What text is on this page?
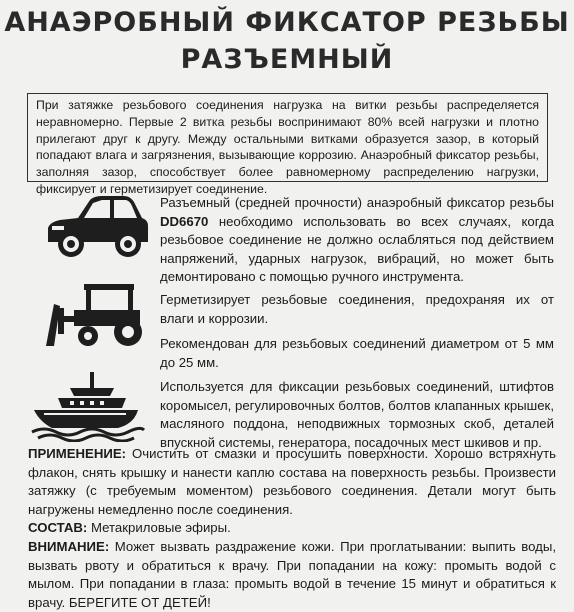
АНАЭРОБНЫЙ ФИКСАТОР РЕЗЬБЫ
РАЗЪЕМНЫЙ
При затяжке резьбового соединения нагрузка на витки резьбы распределяется неравномерно. Первые 2 витка резьбы воспринимают 80% всей нагрузки и плотно прилегают друг к другу. Между остальными витками образуется зазор, в который попадают влага и загрязнения, вызывающие коррозию. Анаэробный фиксатор резьбы, заполняя зазор, способствует более равномерному распределению нагрузки, фиксирует и герметизирует соединение.
Разъемный (средней прочности) анаэробный фиксатор резьбы DD6670 необходимо использовать во всех случаях, когда резьбовое соединение не должно ослабляться под действием напряжений, ударных нагрузок, вибраций, но может быть демонтировано с помощью ручного инструмента.
Герметизирует резьбовые соединения, предохраняя их от влаги и коррозии.
Рекомендован для резьбовых соединений диаметром от 5 мм до 25 мм.
Используется для фиксации резьбовых соединений, штифтов коромысел, регулировочных болтов, болтов клапанных крышек, масляного поддона, неподвижных тормозных скоб, деталей впускной системы, генератора, посадочных мест шкивов и пр.
ПРИМЕНЕНИЕ: Очистить от смазки и просушить поверхности. Хорошо встряхнуть флакон, снять крышку и нанести каплю состава на поверхность резьбы. Произвести затяжку (с требуемым моментом) резьбового соединения. Детали могут быть нагружены немедленно после соединения.
СОСТАВ: Метакриловые эфиры.
ВНИМАНИЕ: Может вызвать раздражение кожи. При проглатывании: выпить воды, вызвать рвоту и обратиться к врачу. При попадании на кожу: промыть водой с мылом. При попадании в глаза: промыть водой в течение 15 минут и обратиться к врачу. БЕРЕГИТЕ ОТ ДЕТЕЙ!
